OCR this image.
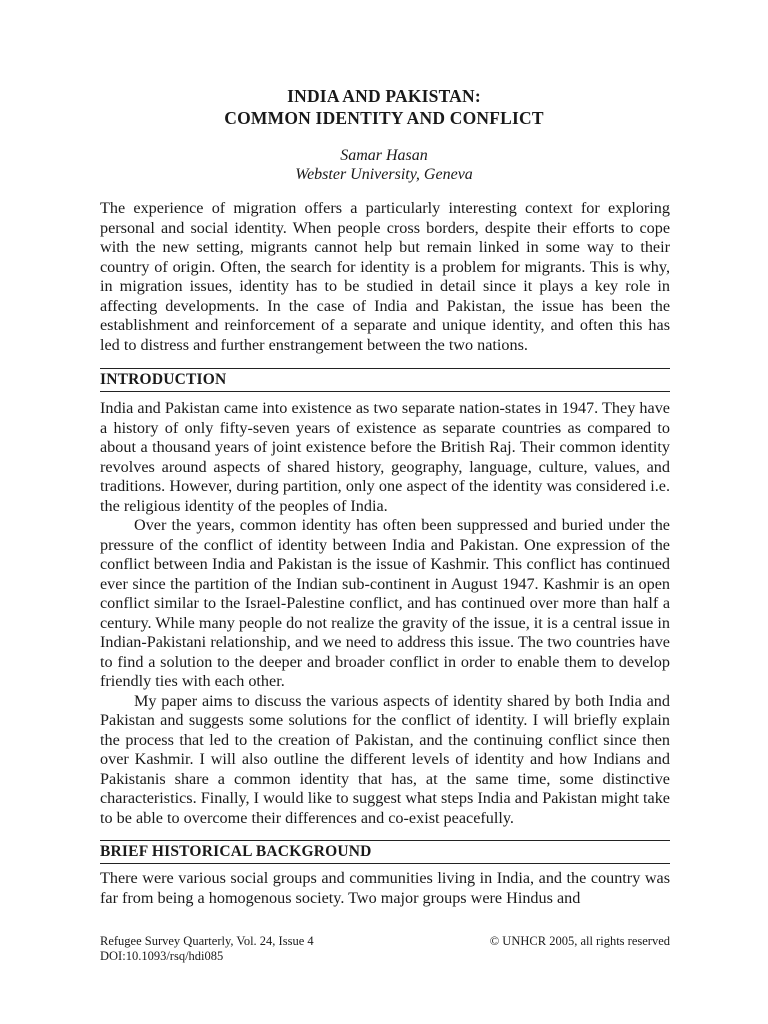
INDIA AND PAKISTAN:
COMMON IDENTITY AND CONFLICT

Samar Hasan

Webster University, Geneva

The experience of migration offers a particularly interesting context for exploring personal and social identity. When people cross borders, despite their efforts to cope with the new setting, migrants cannot help but remain linked in some way to their country of origin. Often, the search for identity is a problem for migrants. This is why, in migration issues, identity has to be studied in detail since it plays a key role in affecting developments. In the case of India and Pakistan, the issue has been the establishment and reinforcement of a separate and unique identity, and often this has led to distress and further enstrangement between the two nations.

INTRODUCTION

India and Pakistan came into existence as two separate nation-states in 1947. They have a history of only fifty-seven years of existence as separate countries as compared to about a thousand years of joint existence before the British Raj. Their common identity revolves around aspects of shared history, geography, language, culture, values, and traditions. However, during partition, only one aspect of the identity was considered i.e. the religious identity of the peoples of India.

Over the years, common identity has often been suppressed and buried under the pressure of the conflict of identity between India and Pakistan. One expression of the conflict between India and Pakistan is the issue of Kashmir. This conflict has continued ever since the partition of the Indian sub-continent in August 1947. Kashmir is an open conflict similar to the Israel-Palestine conflict, and has continued over more than half a century. While many people do not realize the gravity of the issue, it is a central issue in Indian-Pakistani relationship, and we need to address this issue. The two countries have to find a solution to the deeper and broader conflict in order to enable them to develop friendly ties with each other.

My paper aims to discuss the various aspects of identity shared by both India and Pakistan and suggests some solutions for the conflict of identity. I will briefly explain the process that led to the creation of Pakistan, and the continuing conflict since then over Kashmir. I will also outline the different levels of identity and how Indians and Pakistanis share a common identity that has, at the same time, some distinctive characteristics. Finally, I would like to suggest what steps India and Pakistan might take to be able to overcome their differences and co-exist peacefully.

BRIEF HISTORICAL BACKGROUND

There were various social groups and communities living in India, and the country was far from being a homogenous society. Two major groups were Hindus and

Refugee Survey Quarterly, Vol. 24, Issue 4
DOI:10.1093/rsq/hdi085
© UNHCR 2005, all rights reserved
